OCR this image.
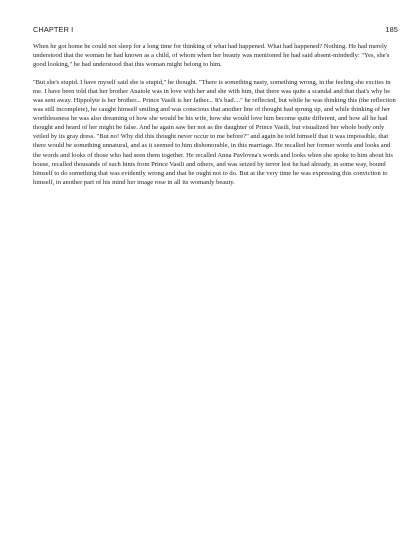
CHAPTER I	185

When he got home he could not sleep for a long time for thinking of what had happened. What had happened? Nothing. He had merely understood that the woman he had known as a child, of whom when her beauty was mentioned he had said absent-mindedly: "Yes, she's good looking," he had understood that this woman might belong to him.

"But she's stupid. I have myself said she is stupid," he thought. "There is something nasty, something wrong, in the feeling she excites in me. I have been told that her brother Anatole was in love with her and she with him, that there was quite a scandal and that that's why he was sent away. Hippolyte is her brother... Prince Vasili is her father... It's bad...." he reflected, but while he was thinking this (the reflection was still incomplete), he caught himself smiling and was conscious that another line of thought had sprung up, and while thinking of her worthlessness he was also dreaming of how she would be his wife, how she would love him become quite different, and how all he had thought and heard of her might be false. And he again saw her not as the daughter of Prince Vasili, but visualized her whole body only veiled by its gray dress. "But no! Why did this thought never occur to me before?" and again he told himself that it was impossible, that there would be something unnatural, and as it seemed to him dishonorable, in this marriage. He recalled her former words and looks and the words and looks of those who had seen them together. He recalled Anna Pavlovna's words and looks when she spoke to him about his house, recalled thousands of such hints from Prince Vasili and others, and was seized by terror lest he had already, in some way, bound himself to do something that was evidently wrong and that he ought not to do. But at the very time he was expressing this conviction to himself, in another part of his mind her image rose in all its womanly beauty.
